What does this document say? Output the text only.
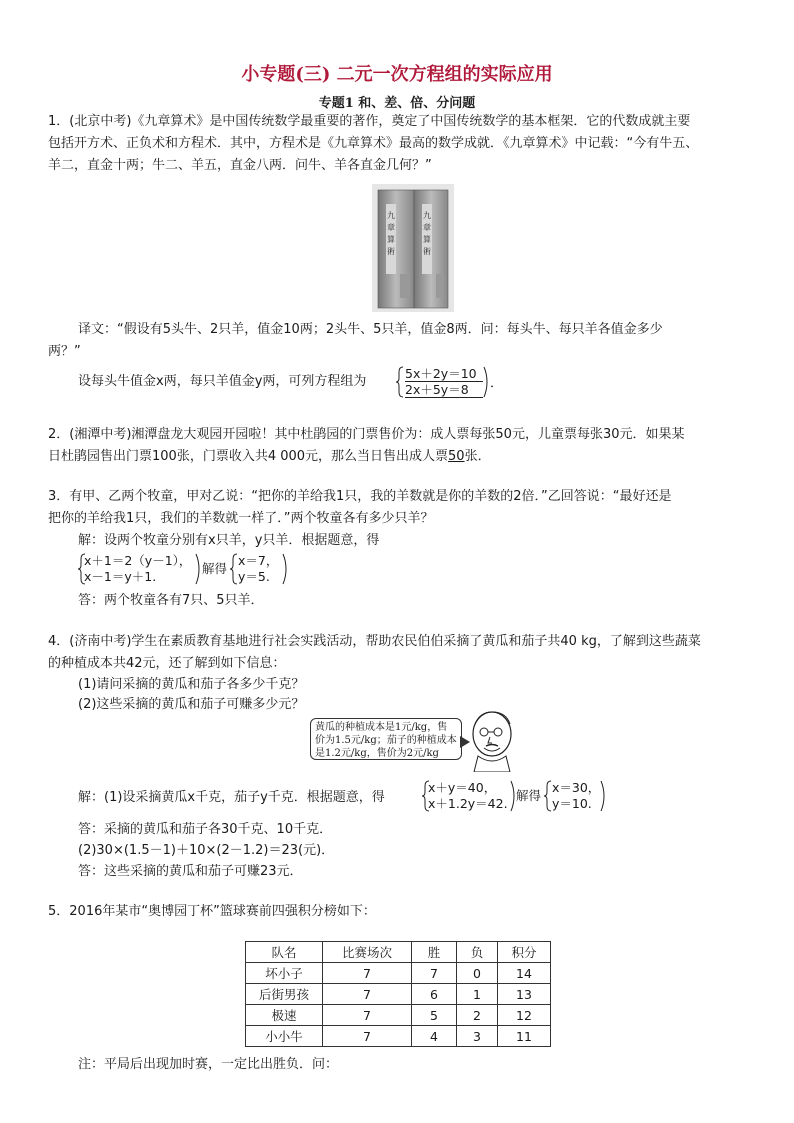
小专题(三) 二元一次方程组的实际应用
专题1 和、差、倍、分问题
1．(北京中考)《九章算术》是中国传统数学最重要的著作，奠定了中国传统数学的基本框架．它的代数成就主要
包括开方术、正负术和方程术．其中，方程术是《九章算术》最高的数学成就．《九章算术》中记载：“今有牛五、
羊二，直金十两；牛二、羊五，直金八两．问牛、羊各直金几何？”
九
章
算
術
九
章
算
術
译文：“假设有5头牛、2只羊，值金10两；2头牛、5只羊，值金8两．问：每头牛、每只羊各值金多少
两？”
设每头牛值金x两，每只羊值金y两，可列方程组为
5x＋2y＝10
2x＋5y＝8 ．
2．(湘潭中考)湘潭盘龙大观园开园啦！其中杜鹃园的门票售价为：成人票每张50元，儿童票每张30元．如果某
日杜鹃园售出门票100张，门票收入共4 000元，那么当日售出成人票50张．
3．有甲、乙两个牧童，甲对乙说：“把你的羊给我1只，我的羊数就是你的羊数的2倍．”乙回答说：“最好还是
把你的羊给我1只，我们的羊数就一样了．”两个牧童各有多少只羊？
解：设两个牧童分别有x只羊，y只羊．根据题意，得
x＋1＝2（y－1），
x－1＝y＋1.
解得
x＝7，
y＝5.
答：两个牧童各有7只、5只羊．
4．(济南中考)学生在素质教育基地进行社会实践活动，帮助农民伯伯采摘了黄瓜和茄子共40 kg，了解到这些蔬菜
的种植成本共42元，还了解到如下信息：
(1)请问采摘的黄瓜和茄子各多少千克？
(2)这些采摘的黄瓜和茄子可赚多少元？
黄瓜的种植成本是1元/kg，售价为1.5元/kg；茄子的种植成本是1.2元/kg，售价为2元/kg
解：(1)设采摘黄瓜x千克，茄子y千克．根据题意，得
x＋y＝40，
x＋1.2y＝42.
解得
x＝30，
y＝10.
答：采摘的黄瓜和茄子各30千克、10千克．
(2)30×(1.5－1)＋10×(2－1.2)＝23(元)．
答：这些采摘的黄瓜和茄子可赚23元．
5．2016年某市“奥博园丁杯”篮球赛前四强积分榜如下：
队名	比赛场次	胜	负	积分
坏小子	7	7	0	14
后街男孩	7	6	1	13
极速	7	5	2	12
小小牛	7	4	3	11
注：平局后出现加时赛，一定比出胜负．问：
